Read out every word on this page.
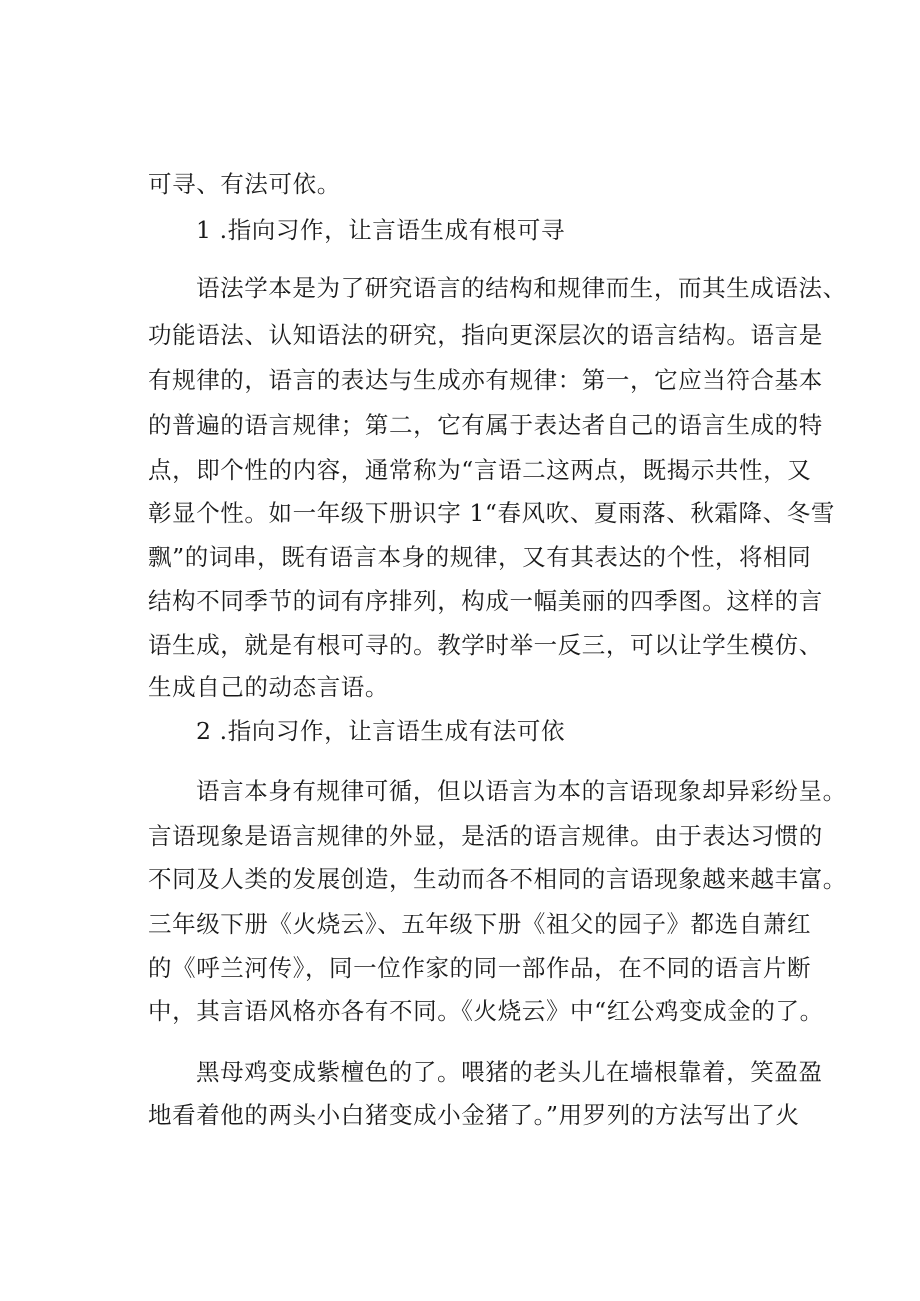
可寻、有法可依。
1 .指向习作，让言语生成有根可寻
语法学本是为了研究语言的结构和规律而生，而其生成语法、
功能语法、认知语法的研究，指向更深层次的语言结构。语言是
有规律的，语言的表达与生成亦有规律：第一，它应当符合基本
的普遍的语言规律；第二，它有属于表达者自己的语言生成的特
点，即个性的内容，通常称为“言语二这两点，既揭示共性，又
彰显个性。如一年级下册识字 1“春风吹、夏雨落、秋霜降、冬雪
飘”的词串，既有语言本身的规律，又有其表达的个性，将相同
结构不同季节的词有序排列，构成一幅美丽的四季图。这样的言
语生成，就是有根可寻的。教学时举一反三，可以让学生模仿、
生成自己的动态言语。
2 .指向习作，让言语生成有法可依
语言本身有规律可循，但以语言为本的言语现象却异彩纷呈。
言语现象是语言规律的外显，是活的语言规律。由于表达习惯的
不同及人类的发展创造，生动而各不相同的言语现象越来越丰富。
三年级下册《火烧云》、五年级下册《祖父的园子》都选自萧红
的《呼兰河传》，同一位作家的同一部作品，在不同的语言片断
中，其言语风格亦各有不同。《火烧云》中“红公鸡变成金的了。
黑母鸡变成紫檀色的了。喂猪的老头儿在墙根靠着，笑盈盈
地看着他的两头小白猪变成小金猪了。”用罗列的方法写出了火
